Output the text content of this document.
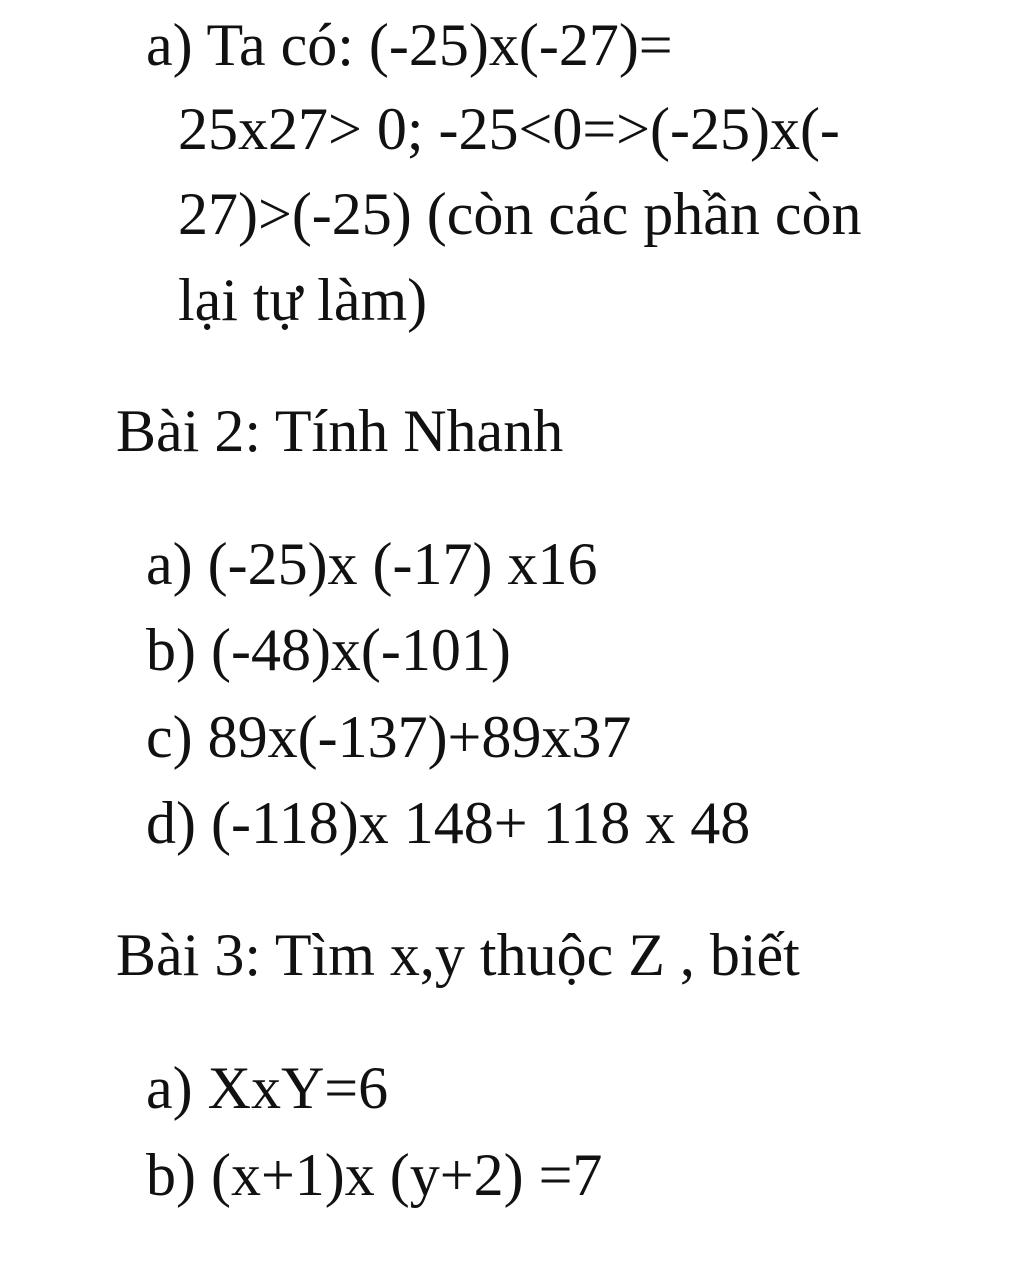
a) Ta có: (-25)x(-27)=
25x27> 0; -25<0=>(-25)x(-
27)>(-25) (còn các phần còn
lại tự làm)
Bài 2: Tính Nhanh
a) (-25)x (-17) x16
b) (-48)x(-101)
c) 89x(-137)+89x37
d) (-118)x 148+ 118 x 48
Bài 3: Tìm x,y thuộc Z , biết
a) XxY=6
b) (x+1)x (y+2) =7
